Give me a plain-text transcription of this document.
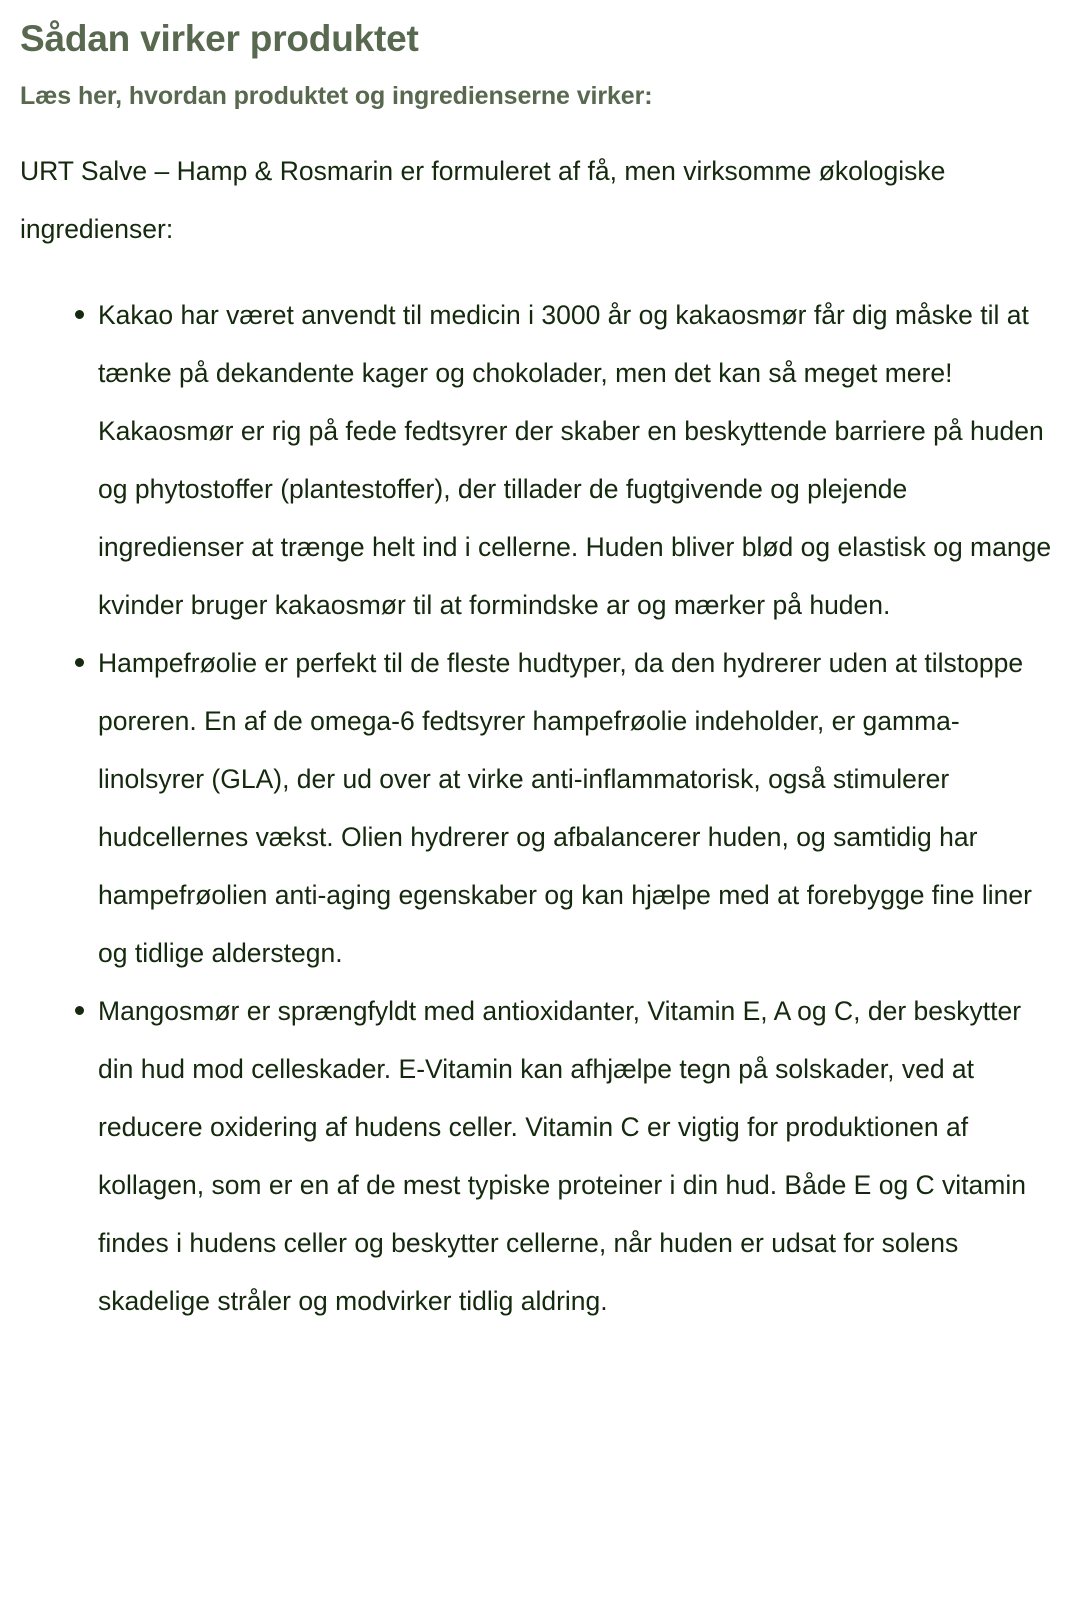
Sådan virker produktet
Læs her, hvordan produktet og ingredienserne virker:

URT Salve – Hamp & Rosmarin er formuleret af få, men virksomme økologiske ingredienser:

Kakao har været anvendt til medicin i 3000 år og kakaosmør får dig måske til at tænke på dekandente kager og chokolader, men det kan så meget mere! Kakaosmør er rig på fede fedtsyrer der skaber en beskyttende barriere på huden og phytostoffer (plantestoffer), der tillader de fugtgivende og plejende ingredienser at trænge helt ind i cellerne. Huden bliver blød og elastisk og mange kvinder bruger kakaosmør til at formindske ar og mærker på huden.
Hampefrøolie er perfekt til de fleste hudtyper, da den hydrerer uden at tilstoppe poreren. En af de omega-6 fedtsyrer hampefrøolie indeholder, er gamma-linolsyrer (GLA), der ud over at virke anti-inflammatorisk, også stimulerer hudcellernes vækst. Olien hydrerer og afbalancerer huden, og samtidig har hampefrøolien anti-aging egenskaber og kan hjælpe med at forebygge fine liner og tidlige alderstegn.
Mangosmør er sprængfyldt med antioxidanter, Vitamin E, A og C, der beskytter din hud mod celleskader. E-Vitamin kan afhjælpe tegn på solskader, ved at reducere oxidering af hudens celler. Vitamin C er vigtig for produktionen af kollagen, som er en af de mest typiske proteiner i din hud. Både E og C vitamin findes i hudens celler og beskytter cellerne, når huden er udsat for solens skadelige stråler og modvirker tidlig aldring.
